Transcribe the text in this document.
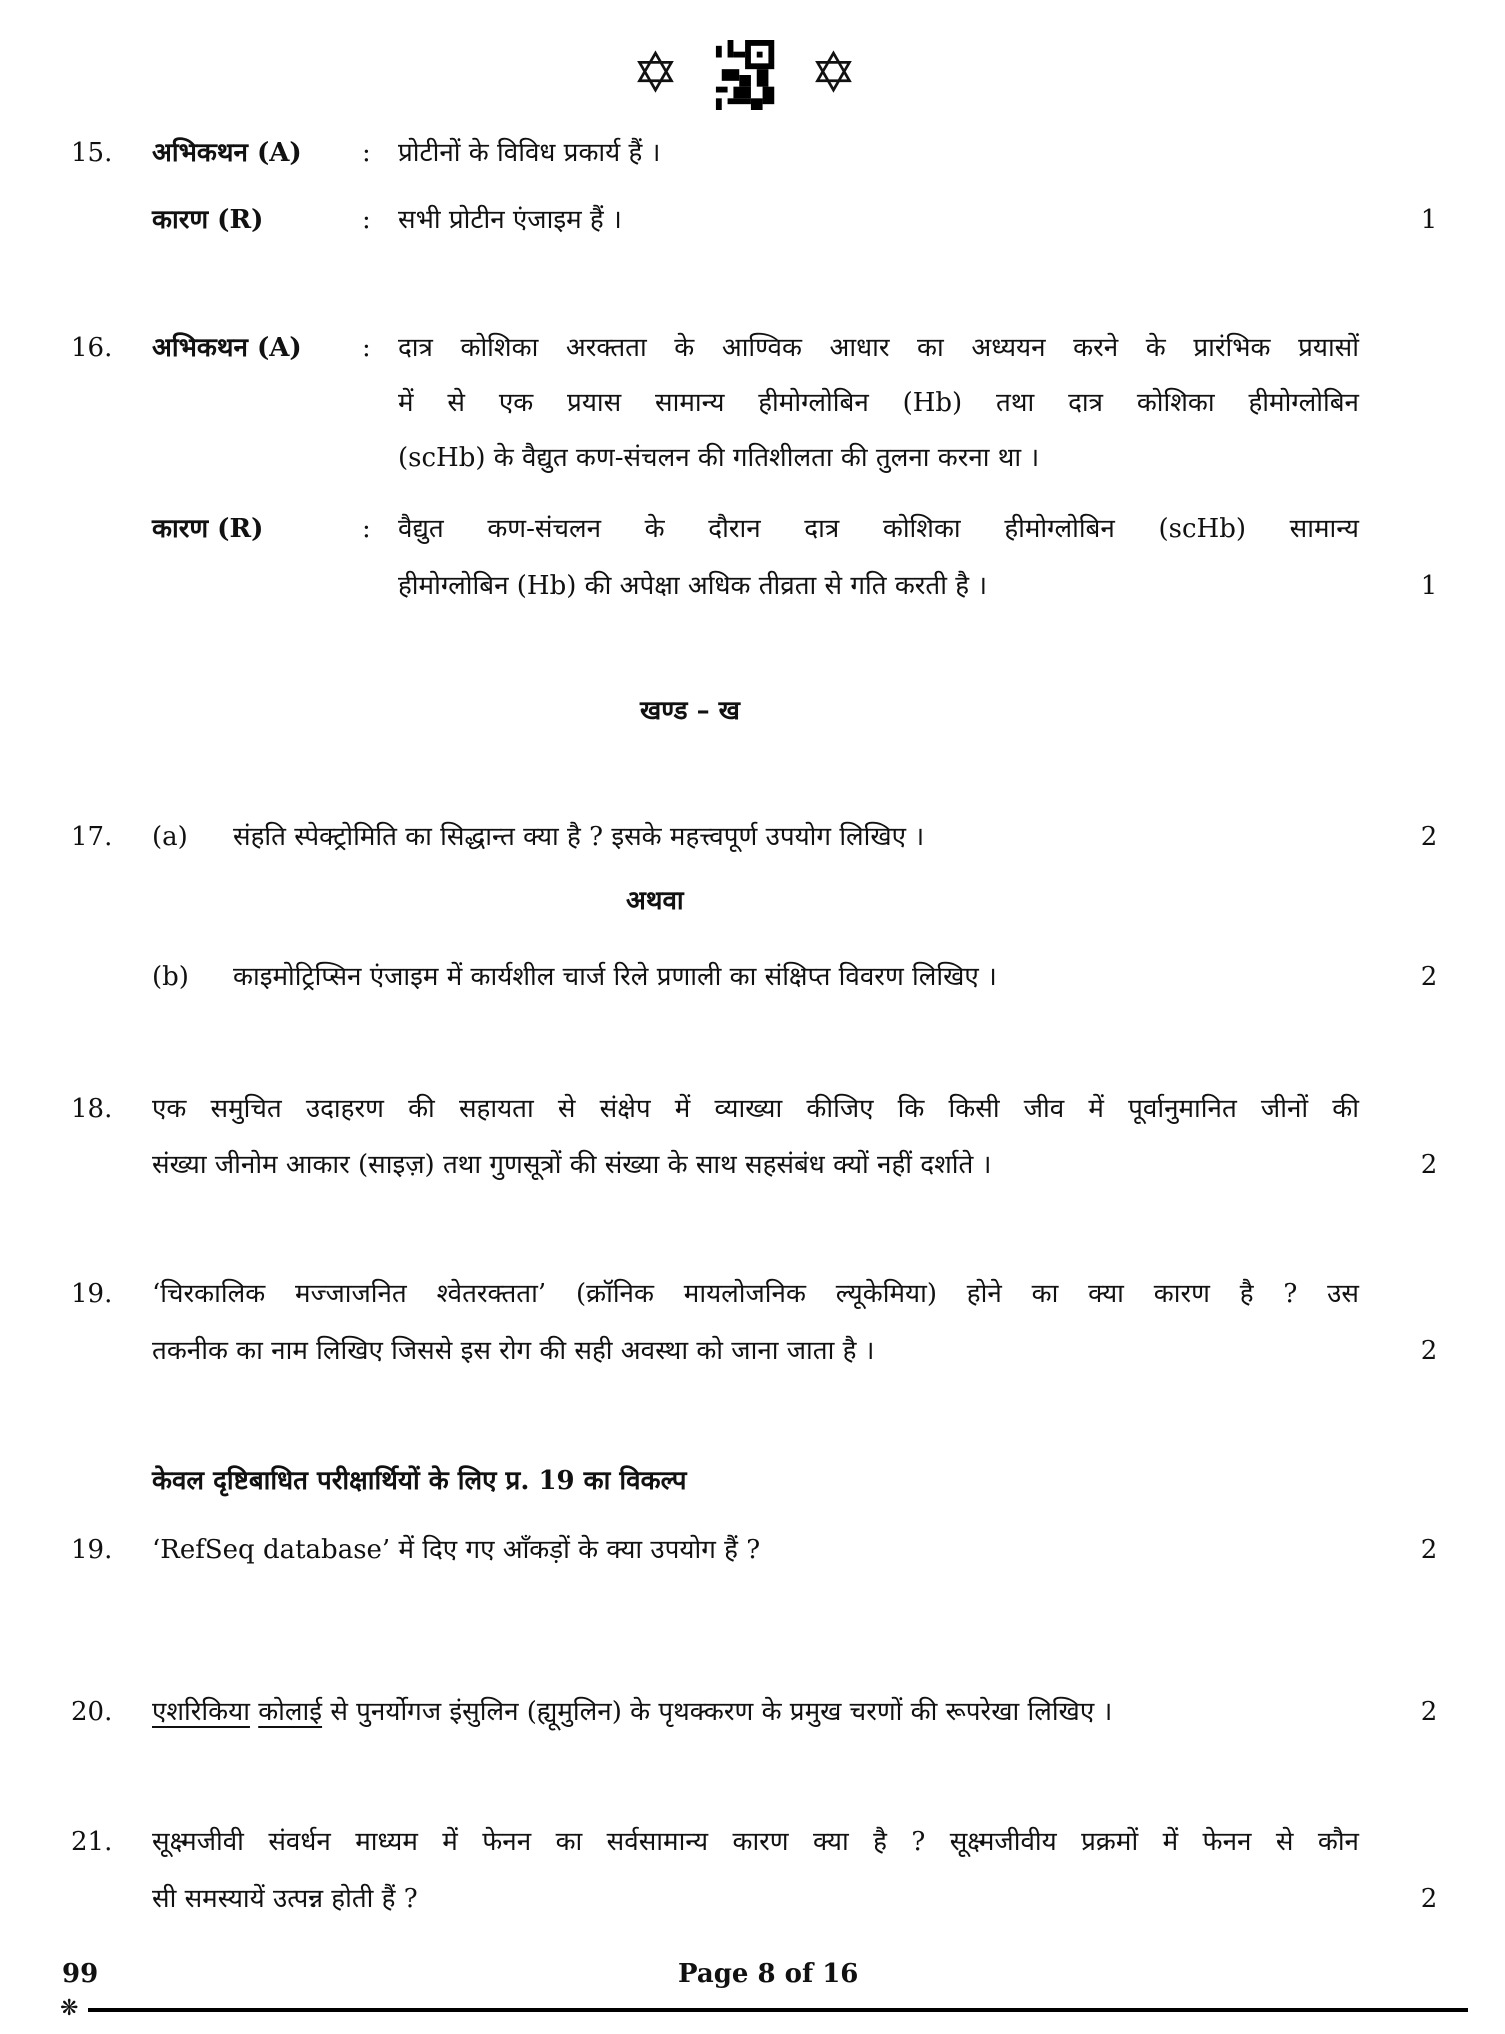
✡ ✡
15. अभिकथन (A) : प्रोटीनों के विविध प्रकार्य हैं ।
कारण (R)	: सभी प्रोटीन एंजाइम हैं ।	1
16. अभिकथन (A) : दात्र कोशिका अरक्तता के आण्विक आधार का अध्ययन करने के प्रारंभिक प्रयासों
में से एक प्रयास सामान्य हीमोग्लोबिन (Hb) तथा दात्र कोशिका हीमोग्लोबिन
(scHb) के वैद्युत कण-संचलन की गतिशीलता की तुलना करना था ।
कारण (R)	: वैद्युत कण-संचलन के दौरान दात्र कोशिका हीमोग्लोबिन (scHb) सामान्य
हीमोग्लोबिन (Hb) की अपेक्षा अधिक तीव्रता से गति करती है ।	1
खण्ड – ख
17. (a) संहति स्पेक्ट्रोमिति का सिद्धान्त क्या है ? इसके महत्त्वपूर्ण उपयोग लिखिए ।	2
अथवा
(b) काइमोट्रिप्सिन एंजाइम में कार्यशील चार्ज रिले प्रणाली का संक्षिप्त विवरण लिखिए ।	2
18. एक समुचित उदाहरण की सहायता से संक्षेप में व्याख्या कीजिए कि किसी जीव में पूर्वानुमानित जीनों की
संख्या जीनोम आकार (साइज़) तथा गुणसूत्रों की संख्या के साथ सहसंबंध क्यों नहीं दर्शाते ।	2
19. ‘चिरकालिक मज्जाजनित श्वेतरक्तता’ (क्रॉनिक मायलोजनिक ल्यूकेमिया) होने का क्या कारण है ? उस
तकनीक का नाम लिखिए जिससे इस रोग की सही अवस्था को जाना जाता है ।	2
केवल दृष्टिबाधित परीक्षार्थियों के लिए प्र. 19 का विकल्प
19. ‘RefSeq database’ में दिए गए आँकड़ों के क्या उपयोग हैं ?	2
20. एशरिकिया कोलाई से पुनर्योगज इंसुलिन (ह्यूमुलिन) के पृथक्करण के प्रमुख चरणों की रूपरेखा लिखिए ।	2
21. सूक्ष्मजीवी संवर्धन माध्यम में फेनन का सर्वसामान्य कारण क्या है ? सूक्ष्मजीवीय प्रक्रमों में फेनन से कौन
सी समस्यायें उत्पन्न होती हैं ?	2
99	Page 8 of 16
❋
